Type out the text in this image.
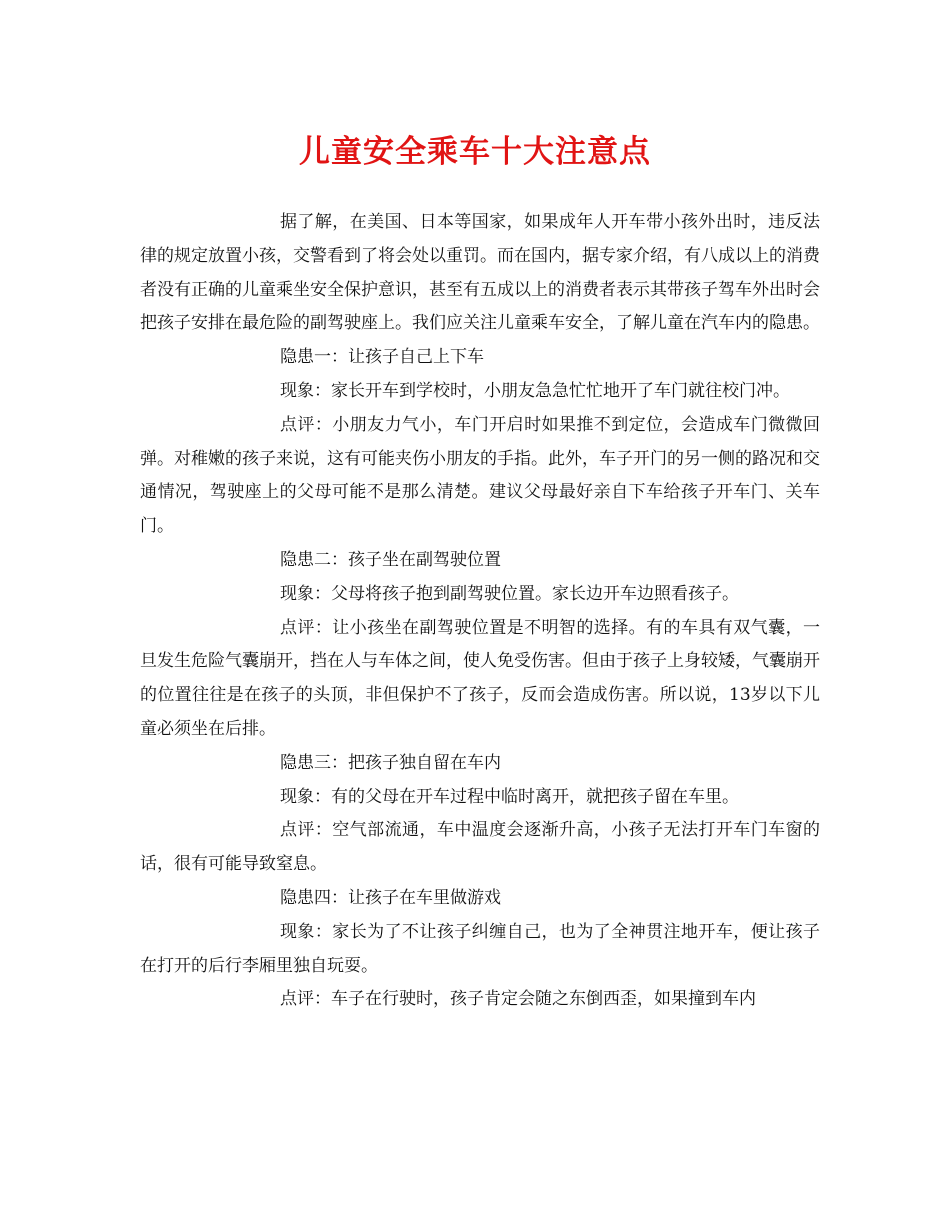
儿童安全乘车十大注意点

据了解，在美国、日本等国家，如果成年人开车带小孩外出时，违反法律的规定放置小孩，交警看到了将会处以重罚。而在国内，据专家介绍，有八成以上的消费者没有正确的儿童乘坐安全保护意识，甚至有五成以上的消费者表示其带孩子驾车外出时会把孩子安排在最危险的副驾驶座上。我们应关注儿童乘车安全，了解儿童在汽车内的隐患。

隐患一：让孩子自己上下车

现象：家长开车到学校时，小朋友急急忙忙地开了车门就往校门冲。

点评：小朋友力气小，车门开启时如果推不到定位，会造成车门微微回弹。对稚嫩的孩子来说，这有可能夹伤小朋友的手指。此外，车子开门的另一侧的路况和交通情况，驾驶座上的父母可能不是那么清楚。建议父母最好亲自下车给孩子开车门、关车门。

隐患二：孩子坐在副驾驶位置

现象：父母将孩子抱到副驾驶位置。家长边开车边照看孩子。

点评：让小孩坐在副驾驶位置是不明智的选择。有的车具有双气囊，一旦发生危险气囊崩开，挡在人与车体之间，使人免受伤害。但由于孩子上身较矮，气囊崩开的位置往往是在孩子的头顶，非但保护不了孩子，反而会造成伤害。所以说，13岁以下儿童必须坐在后排。

隐患三：把孩子独自留在车内

现象：有的父母在开车过程中临时离开，就把孩子留在车里。

点评：空气部流通，车中温度会逐渐升高，小孩子无法打开车门车窗的话，很有可能导致窒息。

隐患四：让孩子在车里做游戏

现象：家长为了不让孩子纠缠自己，也为了全神贯注地开车，便让孩子在打开的后行李厢里独自玩耍。

点评：车子在行驶时，孩子肯定会随之东倒西歪，如果撞到车内
